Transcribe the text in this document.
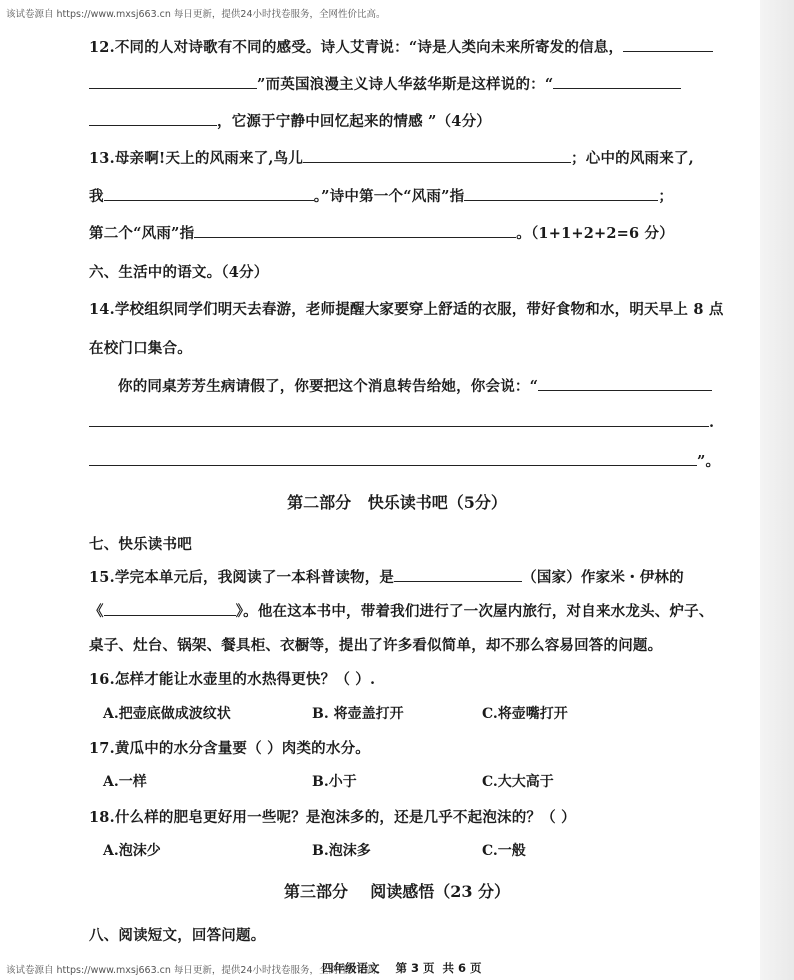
该试卷源自 https://www.mxsj663.cn 每日更新，提供24小时找卷服务，全网性价比高。
12.不同的人对诗歌有不同的感受。诗人艾青说：“诗是人类向未来所寄发的信息，
”而英国浪漫主义诗人华兹华斯是这样说的：“
，它源于宁静中回忆起来的情感 ”（4分）
13.母亲啊!天上的风雨来了,鸟儿	；心中的风雨来了,
我	。”诗中第一个“风雨”指	；
第二个“风雨”指	。（1+1+2+2=6 分）
六、生活中的语文。（4分）
14.学校组织同学们明天去春游，老师提醒大家要穿上舒适的衣服，带好食物和水，明天早上 8 点
在校门口集合。
你的同桌芳芳生病请假了，你要把这个消息转告给她，你会说：“
.
”。
第二部分   快乐读书吧（5分）
七、快乐读书吧
15.学完本单元后，我阅读了一本科普读物，是	（国家）作家米・伊林的
《	》。他在这本书中，带着我们进行了一次屋内旅行，对自来水龙头、炉子、
桌子、灶台、锅架、餐具柜、衣橱等，提出了许多看似简单，却不那么容易回答的问题。
16.怎样才能让水壶里的水热得更快？（ ）.
A.把壶底做成波纹状	B. 将壶盖打开	C.将壶嘴打开
17.黄瓜中的水分含量要（ ）肉类的水分。
A.一样	B.小于	C.大大高于
18.什么样的肥皂更好用一些呢？是泡沫多的，还是几乎不起泡沫的？（ ）
A.泡沫少	B.泡沫多	C.一般
第三部分    阅读感悟（23 分）
八、阅读短文，回答问题。
该试卷源自 https://www.mxsj663.cn 每日更新，提供24小时找卷服务，全网性价比高。
四年级语文    第 3 页  共 6 页
